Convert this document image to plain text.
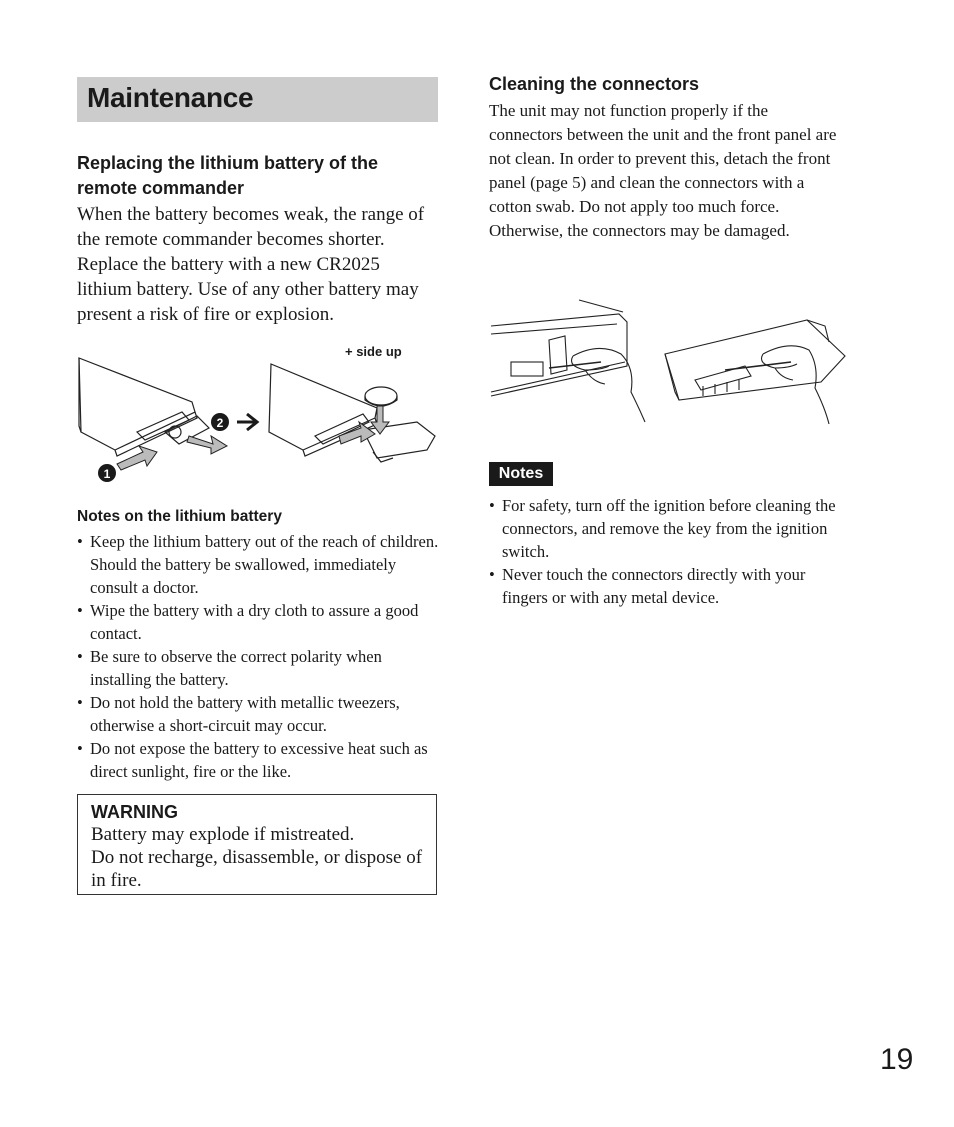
Maintenance
Replacing the lithium battery of the remote commander
When the battery becomes weak, the range of the remote commander becomes shorter. Replace the battery with a new CR2025 lithium battery. Use of any other battery may present a risk of fire or explosion.
1
2
+ side up
Notes on the lithium battery
• Keep the lithium battery out of the reach of children. Should the battery be swallowed, immediately consult a doctor.
• Wipe the battery with a dry cloth to assure a good contact.
• Be sure to observe the correct polarity when installing the battery.
• Do not hold the battery with metallic tweezers, otherwise a short-circuit may occur.
• Do not expose the battery to excessive heat such as direct sunlight, fire or the like.
WARNING
Battery may explode if mistreated.
Do not recharge, disassemble, or dispose of in fire.
Cleaning the connectors
The unit may not function properly if the connectors between the unit and the front panel are not clean. In order to prevent this, detach the front panel (page 5) and clean the connectors with a cotton swab. Do not apply too much force. Otherwise, the connectors may be damaged.
Notes
• For safety, turn off the ignition before cleaning the connectors, and remove the key from the ignition switch.
• Never touch the connectors directly with your fingers or with any metal device.
19
